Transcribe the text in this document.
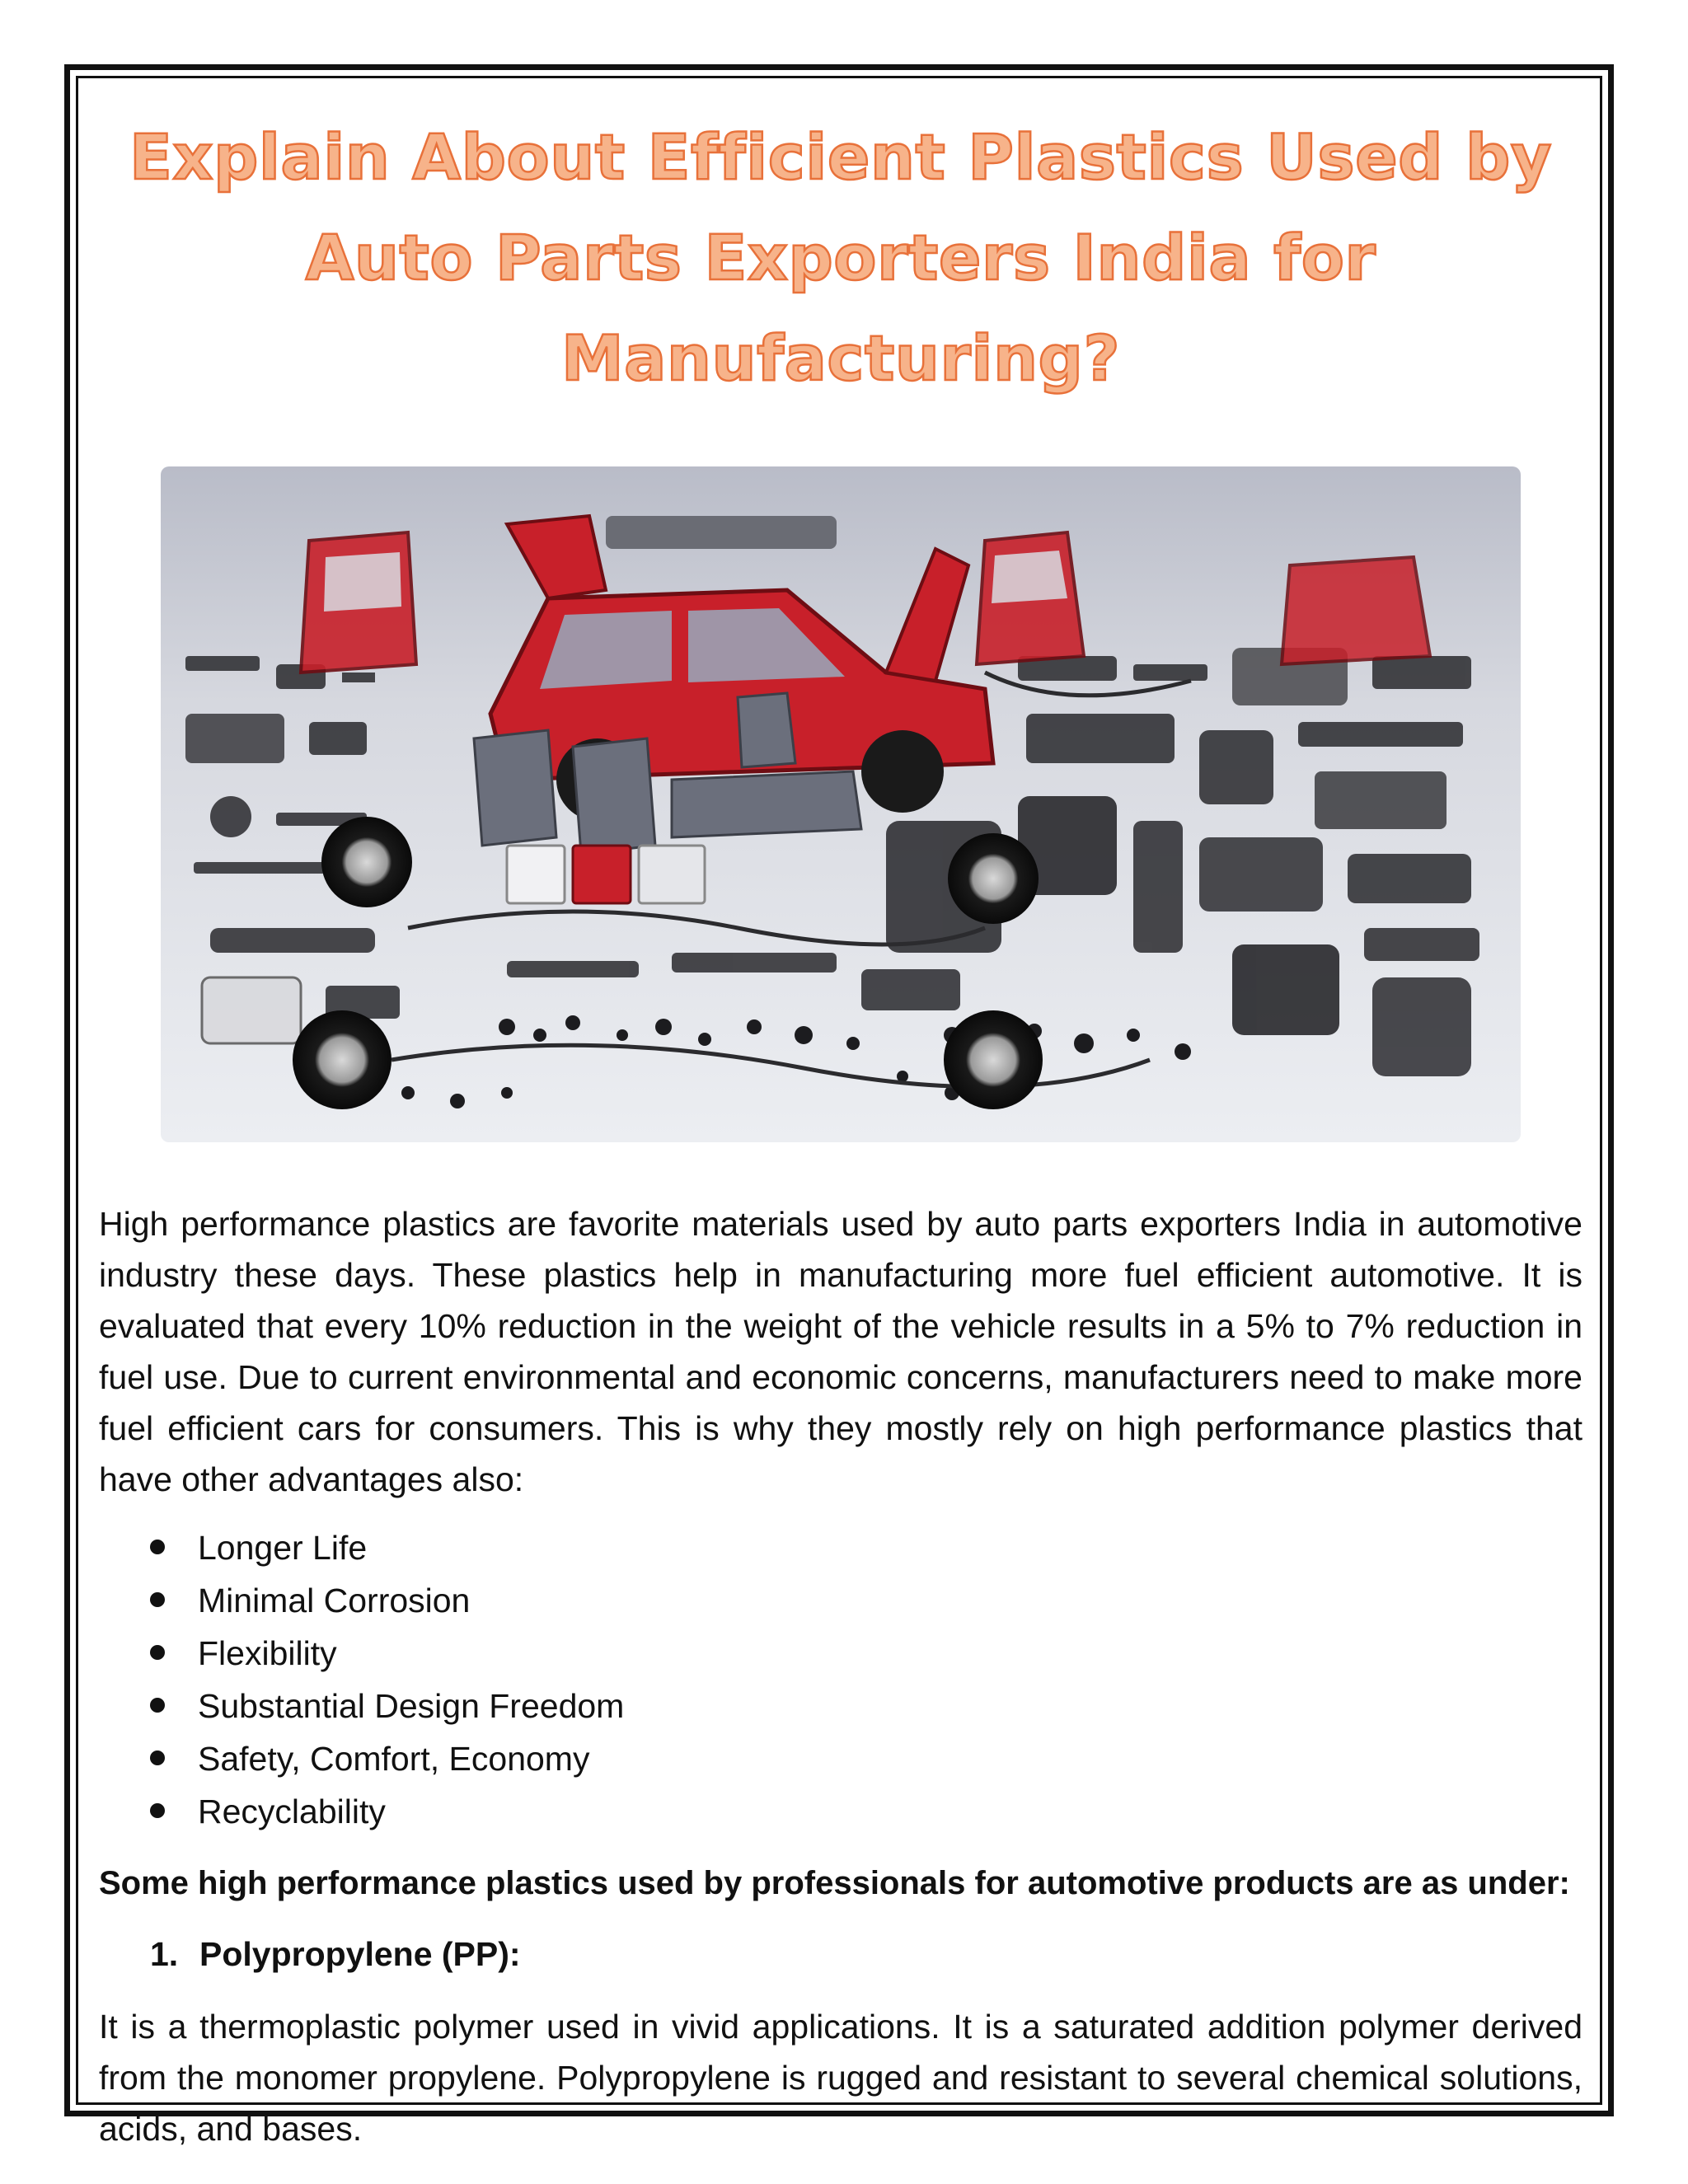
Explain About Efficient Plastics Used by Auto Parts Exporters India for Manufacturing?

High performance plastics are favorite materials used by auto parts exporters India in automotive industry these days. These plastics help in manufacturing more fuel efficient automotive. It is evaluated that every 10% reduction in the weight of the vehicle results in a 5% to 7% reduction in fuel use. Due to current environmental and economic concerns, manufacturers need to make more fuel efficient cars for consumers. This is why they mostly rely on high performance plastics that have other advantages also:

Longer Life
Minimal Corrosion
Flexibility
Substantial Design Freedom
Safety, Comfort, Economy
Recyclability

Some high performance plastics used by professionals for automotive products are as under:

1. Polypropylene (PP):

It is a thermoplastic polymer used in vivid applications. It is a saturated addition polymer derived from the monomer propylene. Polypropylene is rugged and resistant to several chemical solutions, acids, and bases.
